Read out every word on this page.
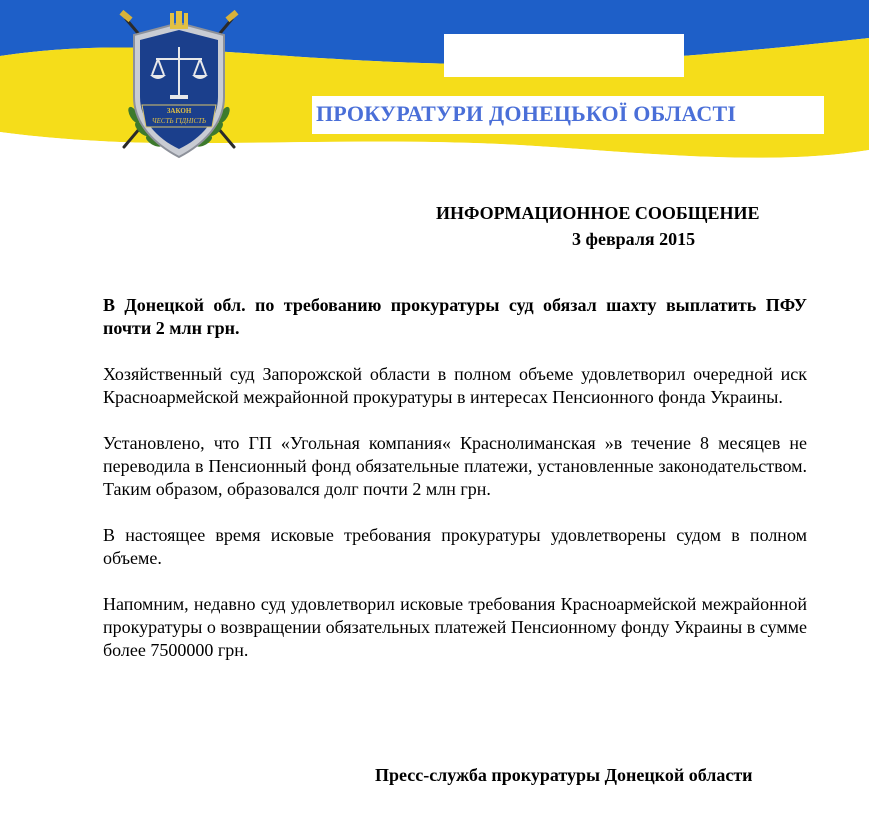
ПРОКУРАТУРИ ДОНЕЦЬКОЇ ОБЛАСТІ
ЗАКОН
ЧЕСТЬ ГІДНІСТЬ
ИНФОРМАЦИОННОЕ СООБЩЕНИЕ
3 февраля 2015

В Донецкой обл. по требованию прокуратуры суд обязал шахту выплатить ПФУ почти 2 млн грн.

Хозяйственный суд Запорожской области в полном объеме удовлетворил очередной иск Красноармейской межрайонной прокуратуры в интересах Пенсионного фонда Украины.

Установлено, что ГП «Угольная компания« Краснолиманская »в течение 8 месяцев не переводила в Пенсионный фонд обязательные платежи, установленные законодательством. Таким образом, образовался долг почти 2 млн грн.

В настоящее время исковые требования прокуратуры удовлетворены судом в полном объеме.

Напомним, недавно суд удовлетворил исковые требования Красноармейской межрайонной прокуратуры о возвращении обязательных платежей Пенсионному фонду Украины в сумме более 7500000 грн.

Пресс-служба прокуратуры Донецкой области
